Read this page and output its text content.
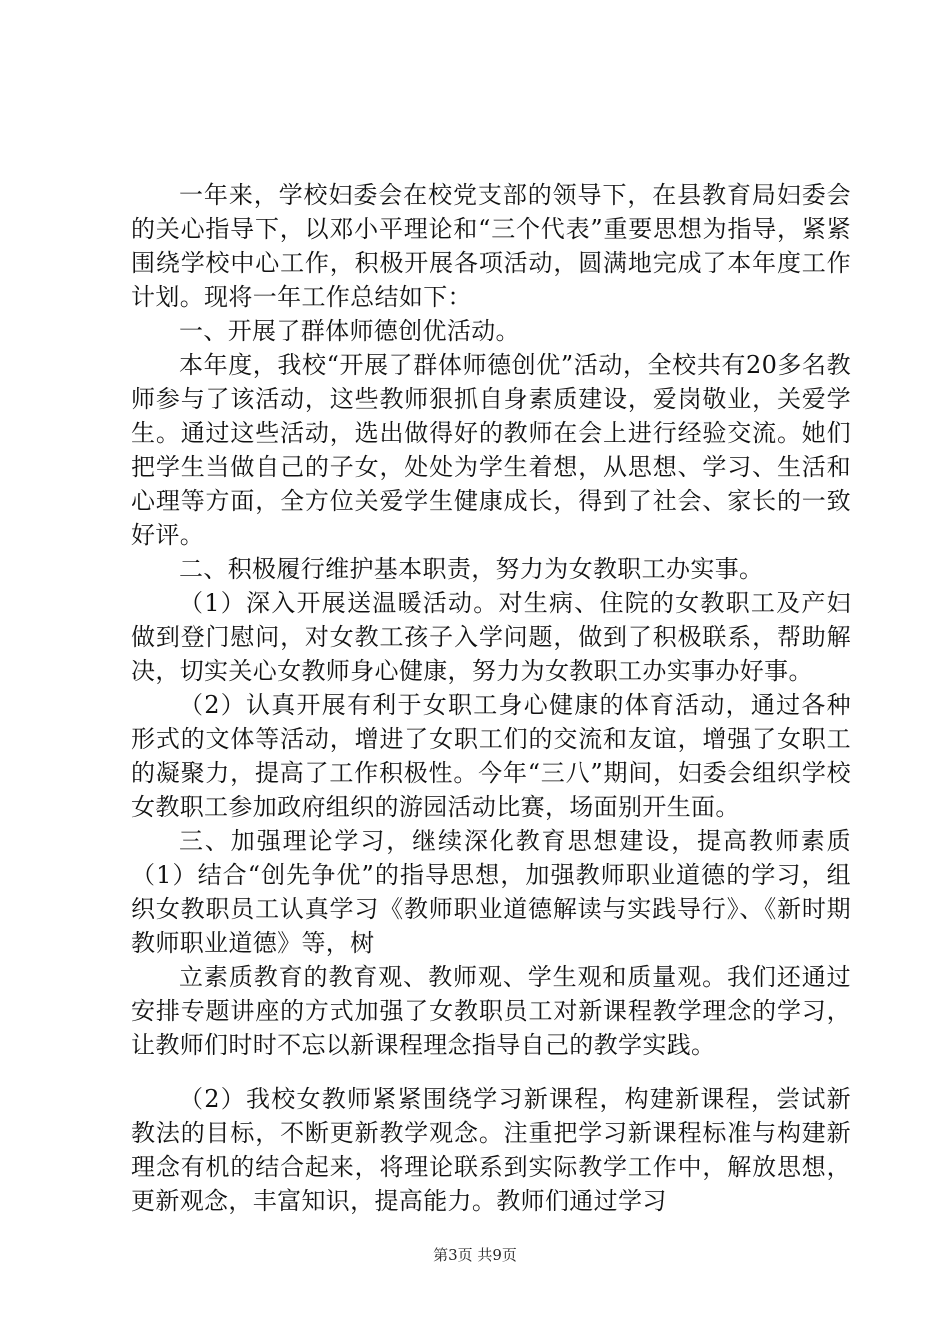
一年来，学校妇委会在校党支部的领导下，在县教育局妇委会的关心指导下，以邓小平理论和“三个代表”重要思想为指导，紧紧围绕学校中心工作，积极开展各项活动，圆满地完成了本年度工作计划。现将一年工作总结如下：

一、开展了群体师德创优活动。

本年度，我校“开展了群体师德创优”活动，全校共有20多名教师参与了该活动，这些教师狠抓自身素质建设，爱岗敬业，关爱学生。通过这些活动，选出做得好的教师在会上进行经验交流。她们把学生当做自己的子女，处处为学生着想，从思想、学习、生活和心理等方面，全方位关爱学生健康成长，得到了社会、家长的一致好评。

二、积极履行维护基本职责，努力为女教职工办实事。

（1）深入开展送温暖活动。对生病、住院的女教职工及产妇做到登门慰问，对女教工孩子入学问题，做到了积极联系，帮助解决，切实关心女教师身心健康，努力为女教职工办实事办好事。

（2）认真开展有利于女职工身心健康的体育活动，通过各种形式的文体等活动，增进了女职工们的交流和友谊，增强了女职工的凝聚力，提高了工作积极性。今年“三八”期间，妇委会组织学校女教职工参加政府组织的游园活动比赛，场面别开生面。

三、加强理论学习，继续深化教育思想建设，提高教师素质（1）结合“创先争优”的指导思想，加强教师职业道德的学习，组织女教职员工认真学习《教师职业道德解读与实践导行》、《新时期教师职业道德》等，树

立素质教育的教育观、教师观、学生观和质量观。我们还通过安排专题讲座的方式加强了女教职员工对新课程教学理念的学习，让教师们时时不忘以新课程理念指导自己的教学实践。

（2）我校女教师紧紧围绕学习新课程，构建新课程，尝试新教法的目标，不断更新教学观念。注重把学习新课程标准与构建新理念有机的结合起来，将理论联系到实际教学工作中，解放思想，更新观念，丰富知识，提高能力。教师们通过学习

第3页 共9页
